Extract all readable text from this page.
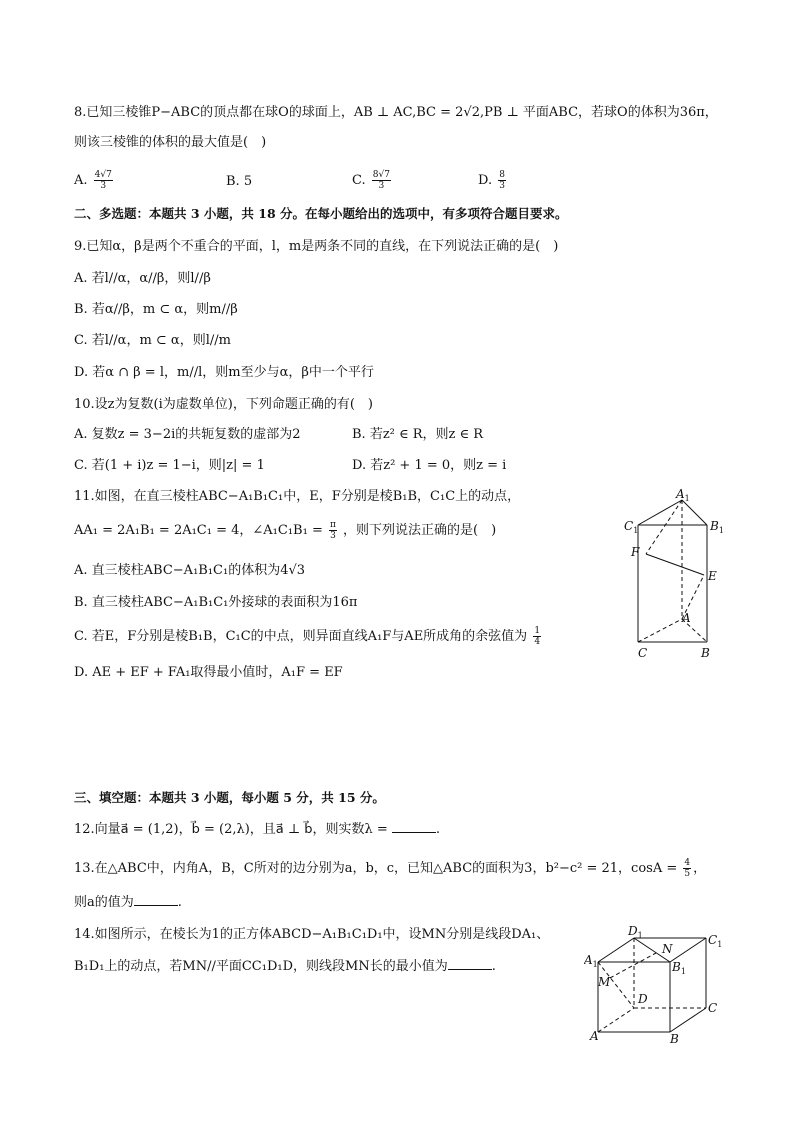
8.已知三棱锥P−ABC的顶点都在球O的球面上，AB ⊥ AC,BC = 2√2,PB ⊥ 平面ABC，若球O的体积为36π，
则该三棱锥的体积的最大值是(　)
A. $\frac{4√7}{3}$	B. 5	C. $\frac{8√7}{3}$	D. $\frac{8}{3}$
二、多选题：本题共 3 小题，共 18 分。在每小题给出的选项中，有多项符合题目要求。
9.已知α，β是两个不重合的平面，l，m是两条不同的直线，在下列说法正确的是(　)
A. 若l//α，α//β，则l//β
B. 若α//β，m ⊂ α，则m//β
C. 若l//α，m ⊂ α，则l//m
D. 若α ∩ β = l，m//l，则m至少与α，β中一个平行
10.设z为复数(i为虚数单位)，下列命题正确的有(　)
A. 复数z = 3−2i的共轭复数的虚部为2	B. 若z² ∈ R，则z ∈ R
C. 若(1 + i)z = 1−i，则|z| = 1	D. 若z² + 1 = 0，则z = i
11.如图，在直三棱柱ABC−A₁B₁C₁中，E，F分别是棱B₁B，C₁C上的动点，
AA₁ = 2A₁B₁ = 2A₁C₁ = 4，∠A₁C₁B₁ = $\frac{\pi}{3}$ ，则下列说法正确的是(　)
A. 直三棱柱ABC−A₁B₁C₁的体积为4√3
B. 直三棱柱ABC−A₁B₁C₁外接球的表面积为16π
C. 若E，F分别是棱B₁B，C₁C的中点，则异面直线A₁F与AE所成角的余弦值为 $\frac{1}{4}$
D. AE + EF + FA₁取得最小值时，A₁F = EF
$A_1$
$C_1$	$B_1$
F
E
A
C	B
三、填空题：本题共 3 小题，每小题 5 分，共 15 分。
12.向量a⃗ = (1,2)，b⃗ = (2,λ)，且a⃗ ⊥ b⃗，则实数λ =	.
13.在△ABC中，内角A，B，C所对的边分别为a，b，c，已知△ABC的面积为3，b²−c² = 21，$\cos A = \frac{4}{5}$ ，
则a的值为	.
14.如图所示，在棱长为1的正方体ABCD−A₁B₁C₁D₁中，设MN分别是线段DA₁、
B₁D₁上的动点，若MN//平面CC₁D₁D，则线段MN长的最小值为	.
$D_1$
N
$C_1$
$A_1$	$B_1$
M
D
C
A	B
